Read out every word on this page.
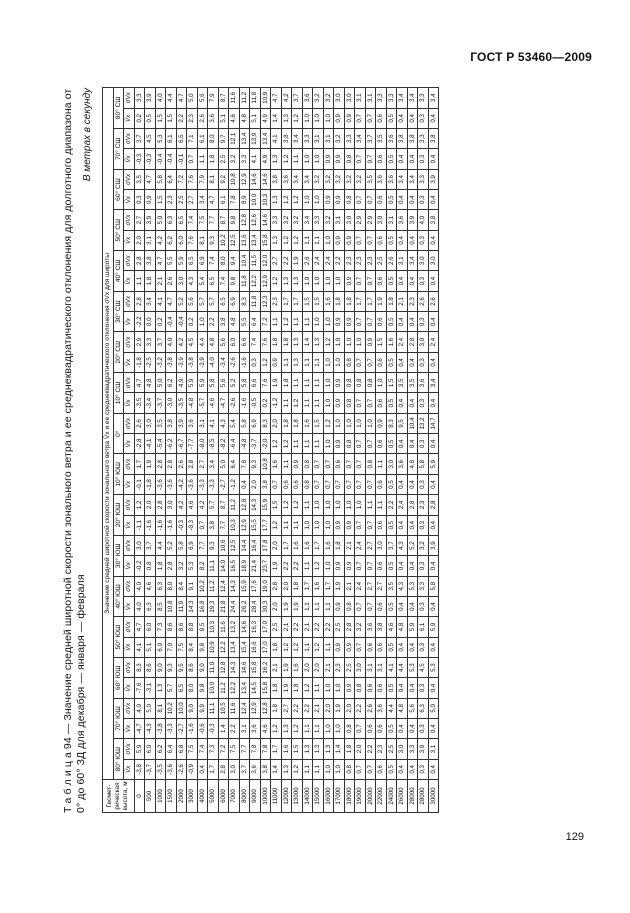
ГОСТ Р 53460—2009
Т а б л и ц а 94 — Значение средней широтной скорости зонального ветра и ее среднеквадратического отклонения для долготного диапазона от 0° до 60° ЗД для декабря — января — февраля
В метрах в секунду
Геомет-рическая высота, м	Значение средней широтной скорости зонального ветра V̄x и ее среднеквадратического отклонения σVx для широты																																	
	80° ЮШ		70° ЮШ		60° ЮШ		50° ЮШ		40° ЮШ		30° ЮШ		20° ЮШ		10° ЮШ		0°		10° СШ		20° СШ		30° СШ		40° СШ		50° СШ		60° СШ		70° СШ		80° СШ	
	V̄x	σVx	V̄x	σVx	V̄x	σVx	V̄x	σVx	V̄x	σVx	V̄x	σVx	V̄x	σVx	V̄x	σVx	V̄x	σVx	V̄x	σVx	V̄x	σVx	V̄x	σVx	V̄x	σVx	V̄x	σVx	V̄x	σVx	V̄x	σVx	V̄x	σVx
0	-3,8	5,9	-4,7	4,0	-7,6	8,3	4,1	4,7	4,0	4,0	-0,2	3,0	-1,1	1,2	-0,1	1,7	-2,8	2,6	-3,5	4,7	-1,8	2,9	-2,2	2,8	1,1	2,8	2,0	2,7	0,3	3,5	-0,3	3,7	0,2	3,3
500	-3,7	6,0	-4,3	5,0	-3,1	8,6	5,1	6,0	6,3	4,6	0,8	3,7	-1,6	2,0	-1,8	1,9	-4,1	3,0	-3,4	4,8	-2,5	3,3	0,0	3,4	1,8	3,8	3,1	3,9	0,9	4,7	-0,3	4,5	0,5	3,9
1000	-3,5	6,2	-3,8	8,1	1,3	9,0	6,0	7,3	8,5	6,3	1,8	4,4	-1,6	2,8	-3,6	2,8	-5,4	3,5	-3,7	5,0	-3,2	3,7	0,2	4,1	2,1	4,7	4,2	5,0	1,5	5,8	-0,4	5,3	1,5	4,0
1500	-3,6	6,4	-3,3	10,2	5,7	9,3	7,0	8,6	10,8	8,0	2,8	5,2	-1,6	3,0	-3,6	2,8	-6,2	3,8	-3,0	6,2	-3,8	4,0	-0,4	4,7	2,6	5,5	6,2	6,3	2,3	6,4	-0,4	6,1	1,5	4,4
2000	-2,6	6,8	-2,7	10,0	6,5	9,5	7,5	8,6	11,9	8,4	3,2	5,8	-0,3	4,2	-4,2	2,6	-6,7	3,9	-3,5	4,9	-3,9	4,2	-0,4	5,2	3,0	5,9	6,0	6,5	2,5	7,2	-0,1	6,5	2,2	4,7
3000	-0,9	7,5	-1,6	9,0	8,0	8,6	8,4	8,8	14,3	9,1	5,3	6,9	-0,3	4,6	-3,6	2,8	-7,7	3,6	-4,8	5,9	-3,8	4,5	0,2	5,6	4,3	6,5	7,6	7,4	2,7	7,6	0,7	7,1	2,3	5,0
4000	0,4	7,4	-0,6	9,9	9,8	9,0	9,8	9,5	16,8	10,2	8,2	7,7	0,7	4,2	-3,3	2,7	-8,0	3,1	-5,7	5,9	-3,9	4,4	1,0	5,7	5,4	6,9	8,1	7,5	3,4	7,9	1,1	6,1	2,6	5,6
5000	1,7	7,3	-0,3	11,1	10,0	11,0	10,9	10,3	19,3	11,2	11,1	9,3	3,8	5,7	-3,3	3,4	-8,5	4,1	-4,6	5,8	-4,0	4,8	2,2	5,7	6,5	7,4	9,3	7,7	4,7	8,1	1,8	8,0	3,6	7,9
6000	2,8	7,2	1,4	10,5	11,2	12,8	12,2	11,6	21,8	12,4	14,0	10,6	7,7	8,7	-2,7	5,0	-8,2	4,3	-4,7	5,6	-3,4	5,6	3,8	6,5	7,4	8,0	10,2	8,7	6,1	9,2	2,5	9,7	5,1	8,7
7000	3,0	7,5	2,2	11,6	12,2	14,3	13,4	13,2	24,4	14,3	16,5	12,5	10,3	11,2	-1,2	6,4	-6,4	5,4	-2,6	5,2	-2,6	6,0	4,8	6,9	9,8	9,4	12,5	9,8	7,8	10,8	3,2	12,1	4,6	11,6
8000	3,7	7,7	3,1	12,4	13,4	14,6	15,4	14,6	26,2	15,9	18,9	14,4	12,9	12,8	0,4	7,8	-4,8	5,8	-1,6	5,8	-1,6	6,6	5,5	8,3	11,8	10,4	13,6	12,8	8,9	12,9	3,3	13,4	4,8	11,2
9000	3,6	7,8	3,6	12,9	14,5	15,8	16,6	16,3	28,4	17,6	21,4	16,4	15,5	14,3	2,0	9,3	-3,7	6,9	-0,5	6,6	0,3	7,4	6,4	11,8	12,2	11,5	13,4	12,6	10,0	14,6	4,1	13,9	5,1	11,8
10000	3,8	7,8	4,6	12,8	15,8	16,2	17,0	17,0	30,3	19,0	23,7	17,8	17,7	15,9	3,8	10,8	-2,0	8,3	0,2	7,6	1,2	7,6	7,2	12,3	12,9	12,0	15,8	14,6	10,3	14,6	4,9	13,4	4,9	10,9
11000	1,4	1,7	1,2	1,8	1,8	2,1	1,8	2,5	2,0	2,8	1,9	2,0	1,2	1,5	0,7	1,6	1,2	2,0	-1,2	1,9	0,9	1,8	1,1	2,3	1,2	2,7	1,3	3,3	1,3	3,8	1,3	4,1	1,4	4,7
12000	1,3	1,6	1,3	2,7	1,9	1,9	1,2	2,1	1,9	2,0	2,2	1,7	1,1	1,2	0,6	1,1	1,2	1,8	1,1	1,8	1,1	1,8	1,2	1,7	1,3	2,2	1,2	3,2	1,2	3,6	1,2	3,8	1,3	4,2
13000	1,2	1,5	1,2	2,2	1,8	1,6	1,2	2,2	1,9	1,8	2,2	1,6	1,1	1,2	0,6	0,9	1,1	1,8	1,2	1,1	1,3	1,3	1,1	1,7	1,3	1,9	1,2	3,2	1,2	3,4	1,1	3,4	1,2	3,7
14000	1,1	1,3	1,1	2,2	1,2	2,0	1,1	2,1	1,1	1,7	1,1	1,6	1,0	1,1	0,8	0,8	1,1	1,6	1,1	1,1	1,1	1,4	1,1	1,5	1,0	2,6	1,1	3,4	1,0	3,4	1,0	3,3	1,0	3,6
15000	1,1	1,3	1,1	2,1	1,1	2,0	1,2	2,2	1,1	1,6	1,2	1,7	1,0	1,0	0,7	0,7	1,1	1,5	1,1	1,1	1,1	1,3	1,0	1,5	1,0	2,4	1,1	3,3	1,0	3,2	1,0	3,1	1,0	3,2
16000	1,0	1,3	1,0	2,0	1,0	2,1	1,1	2,2	1,1	1,7	1,0	1,6	1,0	1,0	0,7	0,7	1,0	1,2	1,0	1,0	1,0	1,2	1,0	1,6	1,0	2,4	1,0	3,2	0,9	3,2	0,9	3,1	1,0	3,2
17000	1,0	1,4	1,0	1,9	1,0	2,3	0,9	2,5	0,9	1,9	0,9	1,8	0,9	1,0	0,7	0,6	0,9	1,0	0,9	0,9	1,0	1,0	0,9	1,8	1,0	2,2	0,9	3,1	0,9	3,2	0,9	3,2	0,9	3,0
18000	0,8	1,8	0,8	2,0	0,9	2,5	0,9	2,8	0,8	2,1	0,9	2,1	0,9	1,0	0,7	0,7	0,8	1,0	0,8	0,8	0,8	1,0	0,9	1,8	0,9	2,3	0,9	3,0	0,8	3,2	0,8	3,3	0,9	3,0
19000	0,7	2,0	0,7	2,2	0,8	3,0	0,7	3,2	0,7	2,4	0,7	2,4	0,7	1,0	0,7	0,7	0,7	1,0	0,7	0,8	0,7	1,0	0,7	1,7	0,7	2,3	0,7	2,9	0,7	3,2	0,7	3,4	0,7	3,1
20000	0,7	2,2	0,6	2,6	0,6	3,1	0,6	3,6	0,7	2,7	0,7	2,7	0,7	1,1	0,7	0,8	0,7	1,0	0,7	0,8	0,7	0,9	0,7	1,7	0,7	2,3	0,7	2,9	0,7	3,5	0,7	3,7	0,7	3,1
22000	0,6	2,3	0,6	3,6	0,6	3,1	0,6	3,8	0,6	2,7	0,6	3,0	0,6	1,1	0,6	1,1	0,6	0,9	0,6	1,0	0,6	1,5	0,6	1,9	0,6	2,5	0,6	3,0	0,6	3,6	0,6	3,5	0,6	3,3
24000	0,5	2,5	0,5	4,4	0,5	4,1	0,5	4,6	0,5	3,5	0,5	3,7	0,5	2,2	0,5	3,0	0,5	8,3	0,5	1,5	0,5	1,6	0,5	1,8	0,5	2,6	0,5	3,1	0,5	3,6	0,5	3,6	0,5	3,3
26000	0,4	3,0	0,4	4,8	0,4	4,4	0,4	4,8	0,4	4,3	0,4	4,3	0,4	2,4	0,4	3,6	0,4	9,5	0,4	3,5	0,4	2,4	0,4	2,1	0,4	3,1	0,4	3,6	0,4	3,4	0,4	3,8	0,4	3,4
28000	0,4	3,3	0,4	5,6	0,4	5,3	0,4	5,9	0,4	5,3	0,4	5,2	0,4	2,8	0,4	4,8	0,4	10,4	0,4	3,5	0,4	2,8	0,4	2,3	0,4	3,4	0,4	3,9	0,4	3,4	0,4	3,8	0,4	3,4
28000	0,3	3,9	0,3	6,3	0,3	4,5	0,3	6,1	0,3	3,3	0,3	3,2	0,3	2,3	0,3	5,8	0,3	13,2	0,3	3,6	0,3	3,0	0,3	2,6	0,3	3,0	0,3	4,0	0,3	3,3	0,3	3,3	0,3	3,3
30000	0,4	3,1	0,4	5,0	0,4	5,3	0,4	5,9	0,4	5,8	0,4	3,9	0,4	2,8	0,4	5,9	0,4	14,7	0,4	3,4	0,4	2,4	0,4	2,6	0,4	3,0	0,4	3,8	0,4	3,9	0,4	3,8	0,4	3,4
129
